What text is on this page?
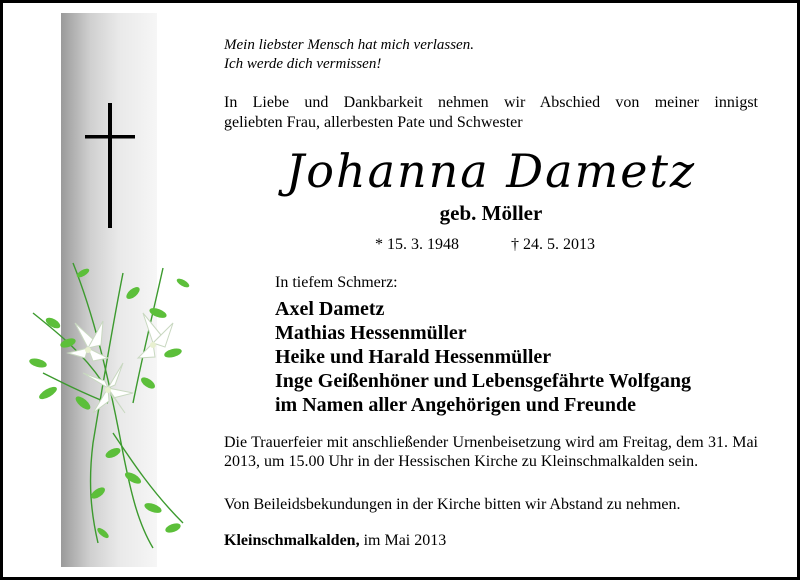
Mein liebster Mensch hat mich verlassen.
Ich werde dich vermissen!
In Liebe und Dankbarkeit nehmen wir Abschied von meiner innigst
geliebten Frau, allerbesten Pate und Schwester
Johanna Dametz
geb. Möller
* 15. 3. 1948	† 24. 5. 2013
In tiefem Schmerz:
Axel Dametz
Mathias Hessenmüller
Heike und Harald Hessenmüller
Inge Geißenhöner und Lebensgefährte Wolfgang
im Namen aller Angehörigen und Freunde
Die Trauerfeier mit anschließender Urnenbeisetzung wird am Freitag, dem 31. Mai 2013, um 15.00 Uhr in der Hessischen Kirche zu Kleinschmalkalden sein.
Von Beileidsbekundungen in der Kirche bitten wir Abstand zu nehmen.
Kleinschmalkalden, im Mai 2013
